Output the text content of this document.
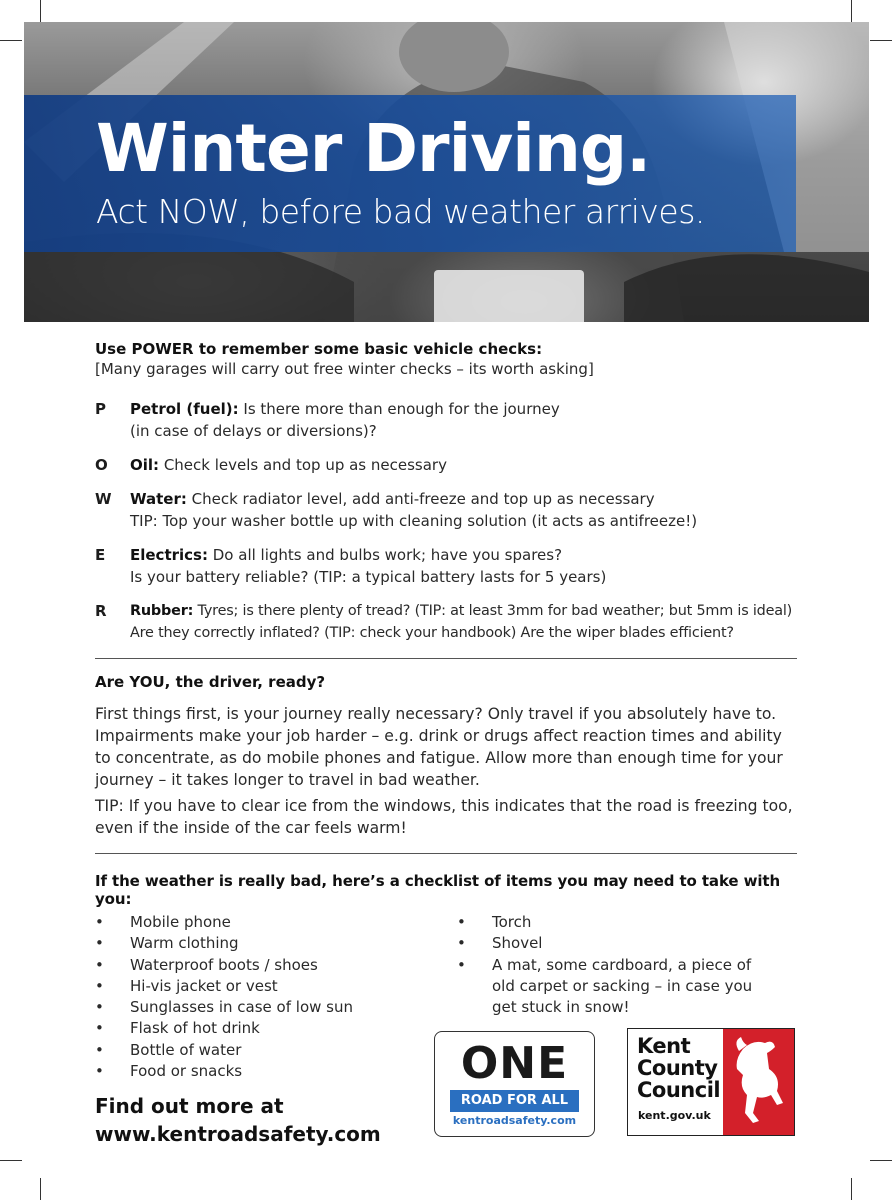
Winter Driving.
Act NOW, before bad weather arrives.

Use POWER to remember some basic vehicle checks:

[Many garages will carry out free winter checks – its worth asking]

P	Petrol (fuel): Is there more than enough for the journey
(in case of delays or diversions)?
O	Oil: Check levels and top up as necessary
W	Water: Check radiator level, add anti-freeze and top up as necessary
TIP: Top your washer bottle up with cleaning solution (it acts as antifreeze!)
E	Electrics: Do all lights and bulbs work; have you spares?
Is your battery reliable? (TIP: a typical battery lasts for 5 years)
R	Rubber: Tyres; is there plenty of tread? (TIP: at least 3mm for bad weather; but 5mm is ideal)
Are they correctly inflated? (TIP: check your handbook) Are the wiper blades efficient?

Are YOU, the driver, ready?

First things first, is your journey really necessary? Only travel if you absolutely have to. Impairments make your job harder – e.g. drink or drugs affect reaction times and ability to concentrate, as do mobile phones and fatigue. Allow more than enough time for your journey – it takes longer to travel in bad weather.

TIP: If you have to clear ice from the windows, this indicates that the road is freezing too, even if the inside of the car feels warm!

If the weather is really bad, here’s a checklist of items you may need to take with you:

•	Mobile phone
•	Warm clothing
•	Waterproof boots / shoes
•	Hi-vis jacket or vest
•	Sunglasses in case of low sun
•	Flask of hot drink
•	Bottle of water
•	Food or snacks
•	Torch
•	Shovel
•	A mat, some cardboard, a piece of old carpet or sacking – in case you get stuck in snow!
Find out more at
www.kentroadsafety.com
ONE
ROAD FOR ALL
kentroadsafety.com
Kent
County
Council
kent.gov.uk
